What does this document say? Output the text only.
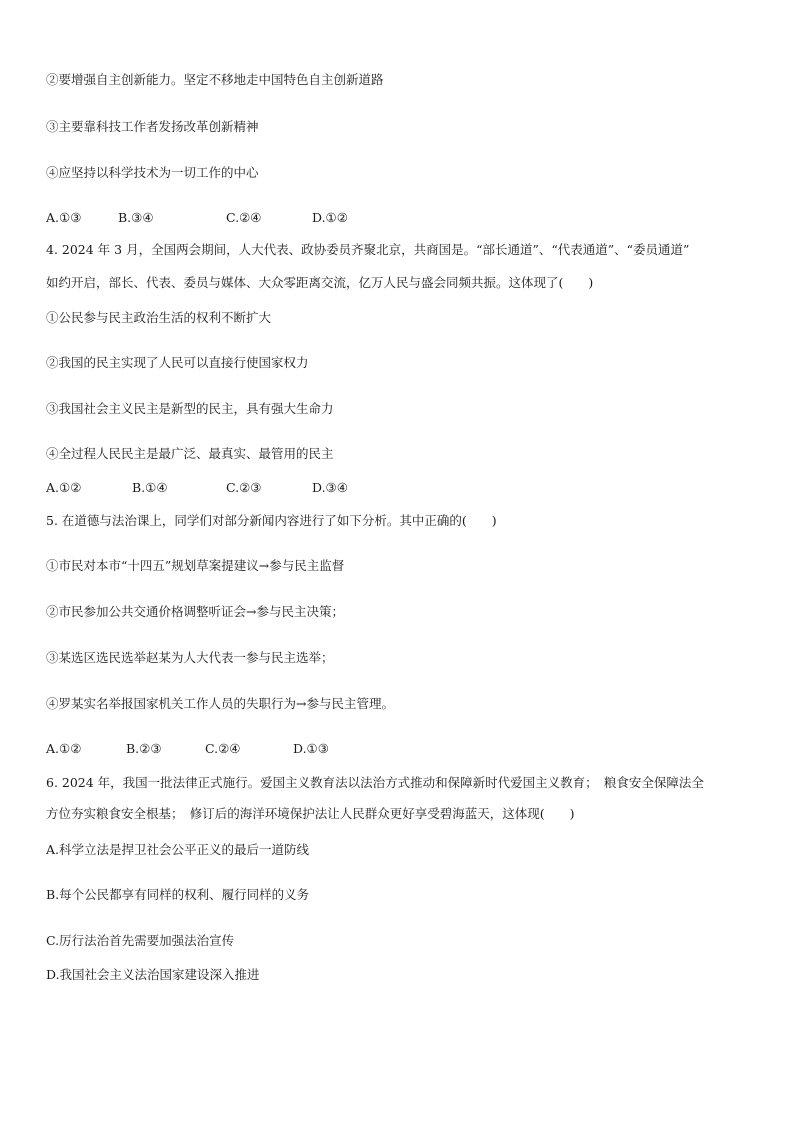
②要增强自主创新能力。坚定不移地走中国特色自主创新道路
③主要靠科技工作者发扬改革创新精神
④应坚持以科学技术为一切工作的中心
A.①③	B.③④	C.②④	D.①②
4. 2024 年 3 月，全国两会期间，人大代表、政协委员齐聚北京，共商国是。“部长通道”、“代表通道”、“委员通道”
如约开启，部长、代表、委员与媒体、大众零距离交流，亿万人民与盛会同频共振。这体现了(　　)
①公民参与民主政治生活的权利不断扩大
②我国的民主实现了人民可以直接行使国家权力
③我国社会主义民主是新型的民主，具有强大生命力
④全过程人民民主是最广泛、最真实、最管用的民主
A.①②	B.①④	C.②③	D.③④
5. 在道德与法治课上，同学们对部分新闻内容进行了如下分析。其中正确的(　　)
①市民对本市“十四五”规划草案提建议→参与民主监督
②市民参加公共交通价格调整听证会→参与民主决策；
③某选区选民选举赵某为人大代表一参与民主选举；
④罗某实名举报国家机关工作人员的失职行为→参与民主管理。
A.①②	B.②③	C.②④	D.①③
6. 2024 年，我国一批法律正式施行。爱国主义教育法以法治方式推动和保障新时代爱国主义教育；　粮食安全保障法全
方位夯实粮食安全根基；　修订后的海洋环境保护法让人民群众更好享受碧海蓝天，这体现(　　)
A.科学立法是捍卫社会公平正义的最后一道防线
B.每个公民都享有同样的权利、履行同样的义务
C.厉行法治首先需要加强法治宣传
D.我国社会主义法治国家建设深入推进
